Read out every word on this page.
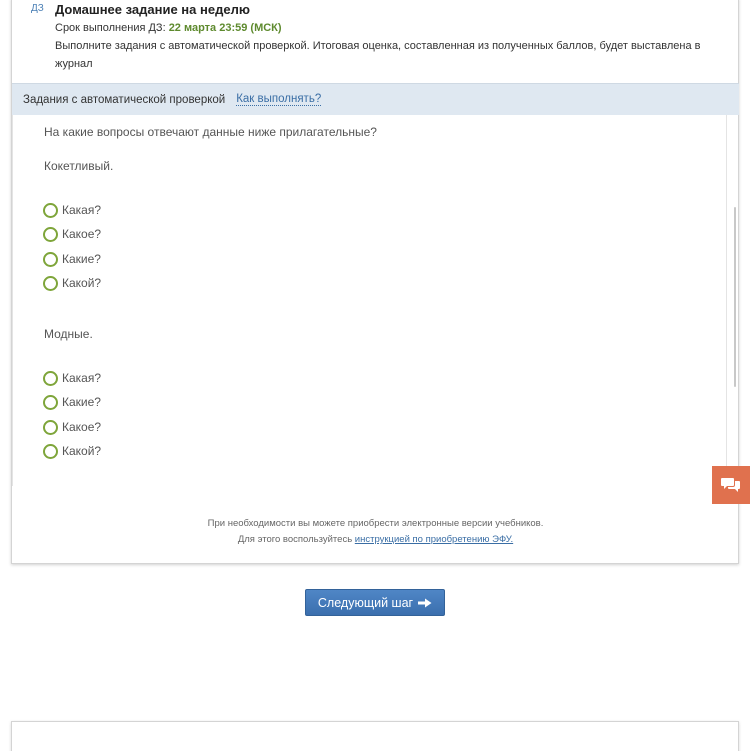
ДЗ Домашнее задание на неделю
Срок выполнения ДЗ: 22 марта 23:59 (МСК)
Выполните задания с автоматической проверкой. Итоговая оценка, составленная из полученных баллов, будет выставлена в журнал
Задания с автоматической проверкой Как выполнять?
На какие вопросы отвечают данные ниже прилагательные?
Кокетливый.
Какая?
Какое?
Какие?
Какой?
Модные.
Какая?
Какие?
Какое?
Какой?
При необходимости вы можете приобрести электронные версии учебников.
Для этого воспользуйтесь инструкцией по приобретению ЭФУ.
Следующий шаг
